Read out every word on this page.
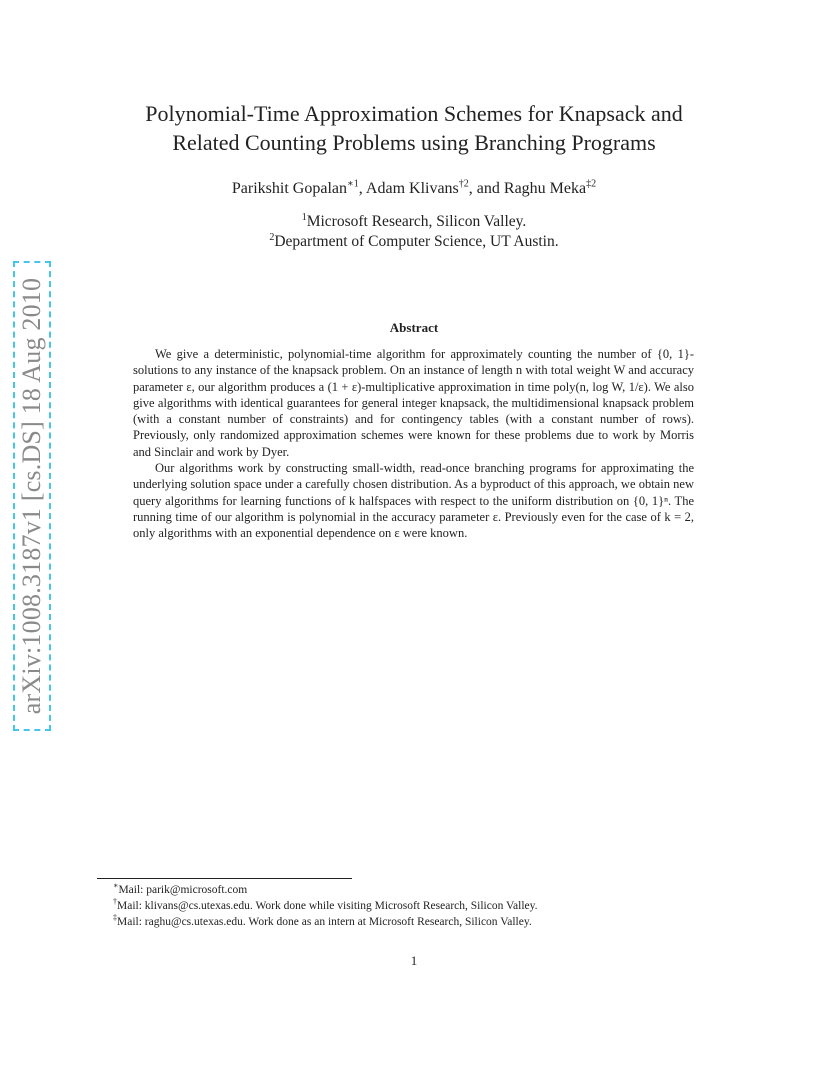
arXiv:1008.3187v1 [cs.DS] 18 Aug 2010
Polynomial-Time Approximation Schemes for Knapsack and
Related Counting Problems using Branching Programs
Parikshit Gopalan$^{∗1}$, Adam Klivans$^{\dagger 2}$, and Raghu Meka$^{\ddagger 2}$
$^1$Microsoft Research, Silicon Valley.
$^2$Department of Computer Science, UT Austin.
Abstract

We give a deterministic, polynomial-time algorithm for approximately counting the number of {0, 1}-solutions to any instance of the knapsack problem. On an instance of length n with total weight W and accuracy parameter ε, our algorithm produces a (1 + ε)-multiplicative approximation in time poly(n, log W, 1/ε). We also give algorithms with identical guarantees for general integer knapsack, the multidimensional knapsack problem (with a constant number of constraints) and for contingency tables (with a constant number of rows). Previously, only randomized approximation schemes were known for these problems due to work by Morris and Sinclair and work by Dyer.

Our algorithms work by constructing small-width, read-once branching programs for approximating the underlying solution space under a carefully chosen distribution. As a byproduct of this approach, we obtain new query algorithms for learning functions of k halfspaces with respect to the uniform distribution on {0, 1}ⁿ. The running time of our algorithm is polynomial in the accuracy parameter ε. Previously even for the case of k = 2, only algorithms with an exponential dependence on ε were known.

∗Mail: parik@microsoft.com
†Mail: klivans@cs.utexas.edu. Work done while visiting Microsoft Research, Silicon Valley.
‡Mail: raghu@cs.utexas.edu. Work done as an intern at Microsoft Research, Silicon Valley.
1
